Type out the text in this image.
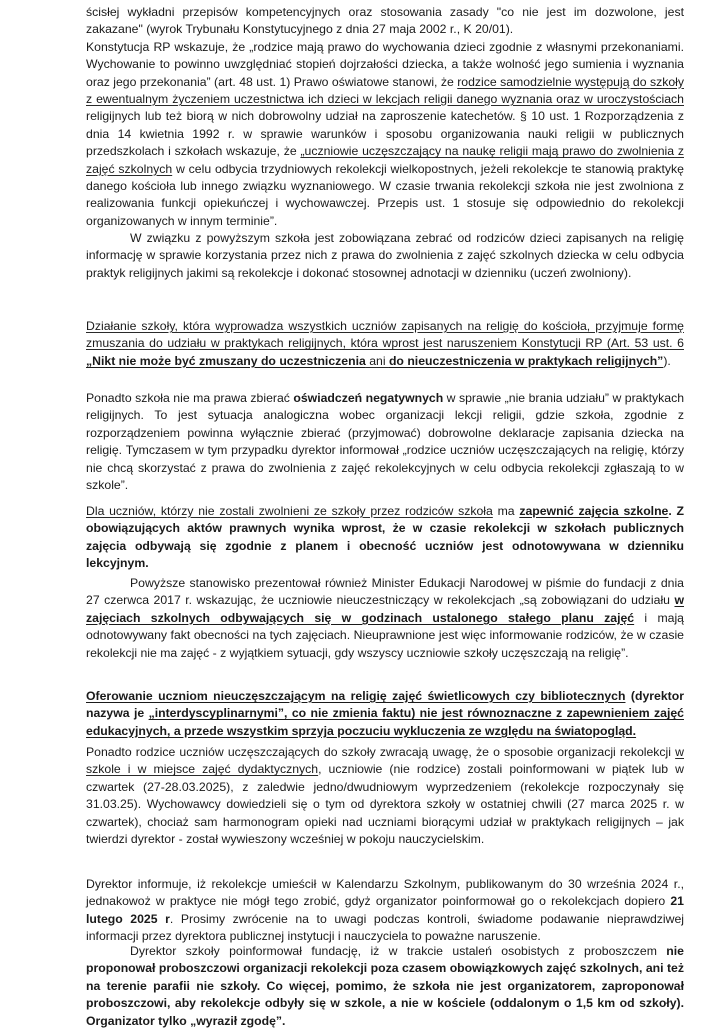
ścisłej wykładni przepisów kompetencyjnych oraz stosowania zasady "co nie jest im dozwolone, jest zakazane" (wyrok Trybunału Konstytucyjnego z dnia 27 maja 2002 r., K 20/01).
Konstytucja RP wskazuje, że „rodzice mają prawo do wychowania dzieci zgodnie z własnymi przekonaniami. Wychowanie to powinno uwzględniać stopień dojrzałości dziecka, a także wolność jego sumienia i wyznania oraz jego przekonania” (art. 48 ust. 1) Prawo oświatowe stanowi, że rodzice samodzielnie występują do szkoły z ewentualnym życzeniem uczestnictwa ich dzieci w lekcjach religii danego wyznania oraz w uroczystościach religijnych lub też biorą w nich dobrowolny udział na zaproszenie katechetów. § 10 ust. 1 Rozporządzenia z dnia 14 kwietnia 1992 r. w sprawie warunków i sposobu organizowania nauki religii w publicznych przedszkolach i szkołach wskazuje, że „uczniowie uczęszczający na naukę religii mają prawo do zwolnienia z zajęć szkolnych w celu odbycia trzydniowych rekolekcji wielkopostnych, jeżeli rekolekcje te stanowią praktykę danego kościoła lub innego związku wyznaniowego. W czasie trwania rekolekcji szkoła nie jest zwolniona z realizowania funkcji opiekuńczej i wychowawczej. Przepis ust. 1 stosuje się odpowiednio do rekolekcji organizowanych w innym terminie”.

W związku z powyższym szkoła jest zobowiązana zebrać od rodziców dzieci zapisanych na religię informację w sprawie korzystania przez nich z prawa do zwolnienia z zajęć szkolnych dziecka w celu odbycia praktyk religijnych jakimi są rekolekcje i dokonać stosownej adnotacji w dzienniku (uczeń zwolniony).

Działanie szkoły, która wyprowadza wszystkich uczniów zapisanych na religię do kościoła, przyjmuje formę zmuszania do udziału w praktykach religijnych, która wprost jest naruszeniem Konstytucji RP (Art. 53 ust. 6 „Nikt nie może być zmuszany do uczestniczenia ani do nieuczestniczenia w praktykach religijnych”).

Ponadto szkoła nie ma prawa zbierać oświadczeń negatywnych w sprawie „nie brania udziału” w praktykach religijnych. To jest sytuacja analogiczna wobec organizacji lekcji religii, gdzie szkoła, zgodnie z rozporządzeniem powinna wyłącznie zbierać (przyjmować) dobrowolne deklaracje zapisania dziecka na religię. Tymczasem w tym przypadku dyrektor informował „rodzice uczniów uczęszczających na religię, którzy nie chcą skorzystać z prawa do zwolnienia z zajęć rekolekcyjnych w celu odbycia rekolekcji zgłaszają to w szkole”.

Dla uczniów, którzy nie zostali zwolnieni ze szkoły przez rodziców szkoła ma zapewnić zajęcia szkolne. Z obowiązujących aktów prawnych wynika wprost, że w czasie rekolekcji w szkołach publicznych zajęcia odbywają się zgodnie z planem i obecność uczniów jest odnotowywana w dzienniku lekcyjnym.

Powyższe stanowisko prezentował również Minister Edukacji Narodowej w piśmie do fundacji z dnia 27 czerwca 2017 r. wskazując, że uczniowie nieuczestniczący w rekolekcjach „są zobowiązani do udziału w zajęciach szkolnych odbywających się w godzinach ustalonego stałego planu zajęć i mają odnotowywany fakt obecności na tych zajęciach. Nieuprawnione jest więc informowanie rodziców, że w czasie rekolekcji nie ma zajęć - z wyjątkiem sytuacji, gdy wszyscy uczniowie szkoły uczęszczają na religię”.

Oferowanie uczniom nieuczęszczającym na religię zajęć świetlicowych czy bibliotecznych (dyrektor nazywa je „interdyscyplinarnymi”, co nie zmienia faktu) nie jest równoznaczne z zapewnieniem zajęć edukacyjnych, a przede wszystkim sprzyja poczuciu wykluczenia ze względu na światopogląd.

Ponadto rodzice uczniów uczęszczających do szkoły zwracają uwagę, że o sposobie organizacji rekolekcji w szkole i w miejsce zajęć dydaktycznych, uczniowie (nie rodzice) zostali poinformowani w piątek lub w czwartek (27-28.03.2025), z zaledwie jedno/dwudniowym wyprzedzeniem (rekolekcje rozpoczynały się 31.03.25). Wychowawcy dowiedzieli się o tym od dyrektora szkoły w ostatniej chwili (27 marca 2025 r. w czwartek), chociaż sam harmonogram opieki nad uczniami biorącymi udział w praktykach religijnych – jak twierdzi dyrektor - został wywieszony wcześniej w pokoju nauczycielskim.

Dyrektor informuje, iż rekolekcje umieścił w Kalendarzu Szkolnym, publikowanym do 30 września 2024 r., jednakowoż w praktyce nie mógł tego zrobić, gdyż organizator poinformował go o rekolekcjach dopiero 21 lutego 2025 r. Prosimy zwrócenie na to uwagi podczas kontroli, świadome podawanie nieprawdziwej informacji przez dyrektora publicznej instytucji i nauczyciela to poważne naruszenie.

Dyrektor szkoły poinformował fundację, iż w trakcie ustaleń osobistych z proboszczem nie proponował proboszczowi organizacji rekolekcji poza czasem obowiązkowych zajęć szkolnych, ani też na terenie parafii nie szkoły. Co więcej, pomimo, że szkoła nie jest organizatorem, zaproponował proboszczowi, aby rekolekcje odbyły się w szkole, a nie w kościele (oddalonym o 1,5 km od szkoły). Organizator tylko „wyraził zgodę”.
